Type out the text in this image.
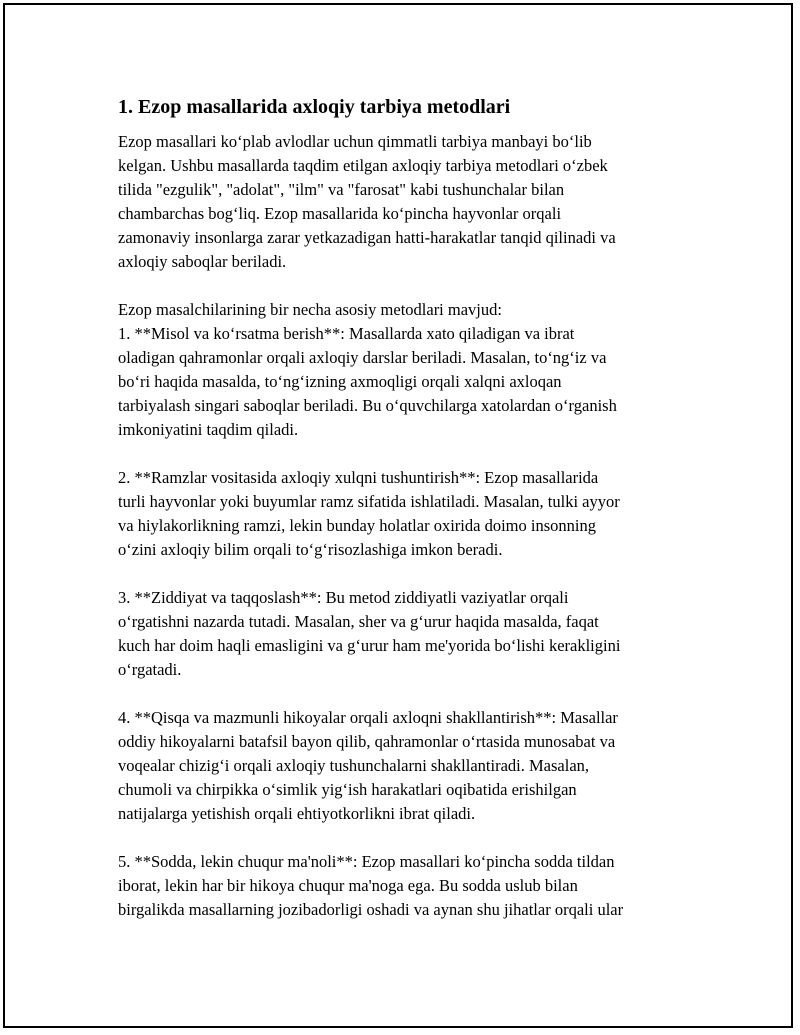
1. Ezop masallarida axloqiy tarbiya metodlari

Ezop masallari ko‘plab avlodlar uchun qimmatli tarbiya manbayi bo‘lib
kelgan. Ushbu masallarda taqdim etilgan axloqiy tarbiya metodlari o‘zbek
tilida "ezgulik", "adolat", "ilm" va "farosat" kabi tushunchalar bilan
chambarchas bog‘liq. Ezop masallarida ko‘pincha hayvonlar orqali
zamonaviy insonlarga zarar yetkazadigan hatti-harakatlar tanqid qilinadi va
axloqiy saboqlar beriladi.

Ezop masalchilarining bir necha asosiy metodlari mavjud:
1. **Misol va ko‘rsatma berish**: Masallarda xato qiladigan va ibrat
oladigan qahramonlar orqali axloqiy darslar beriladi. Masalan, to‘ng‘iz va
bo‘ri haqida masalda, to‘ng‘izning axmoqligi orqali xalqni axloqan
tarbiyalash singari saboqlar beriladi. Bu o‘quvchilarga xatolardan o‘rganish
imkoniyatini taqdim qiladi.

2. **Ramzlar vositasida axloqiy xulqni tushuntirish**: Ezop masallarida
turli hayvonlar yoki buyumlar ramz sifatida ishlatiladi. Masalan, tulki ayyor
va hiylakorlikning ramzi, lekin bunday holatlar oxirida doimo insonning
o‘zini axloqiy bilim orqali to‘g‘risozlashiga imkon beradi.

3. **Ziddiyat va taqqoslash**: Bu metod ziddiyatli vaziyatlar orqali
o‘rgatishni nazarda tutadi. Masalan, sher va g‘urur haqida masalda, faqat
kuch har doim haqli emasligini va g‘urur ham me'yorida bo‘lishi kerakligini
o‘rgatadi.

4. **Qisqa va mazmunli hikoyalar orqali axloqni shakllantirish**: Masallar
oddiy hikoyalarni batafsil bayon qilib, qahramonlar o‘rtasida munosabat va
voqealar chizig‘i orqali axloqiy tushunchalarni shakllantiradi. Masalan,
chumoli va chirpikka o‘simlik yig‘ish harakatlari oqibatida erishilgan
natijalarga yetishish orqali ehtiyotkorlikni ibrat qiladi.

5. **Sodda, lekin chuqur ma'noli**: Ezop masallari ko‘pincha sodda tildan
iborat, lekin har bir hikoya chuqur ma'noga ega. Bu sodda uslub bilan
birgalikda masallarning jozibadorligi oshadi va aynan shu jihatlar orqali ular
